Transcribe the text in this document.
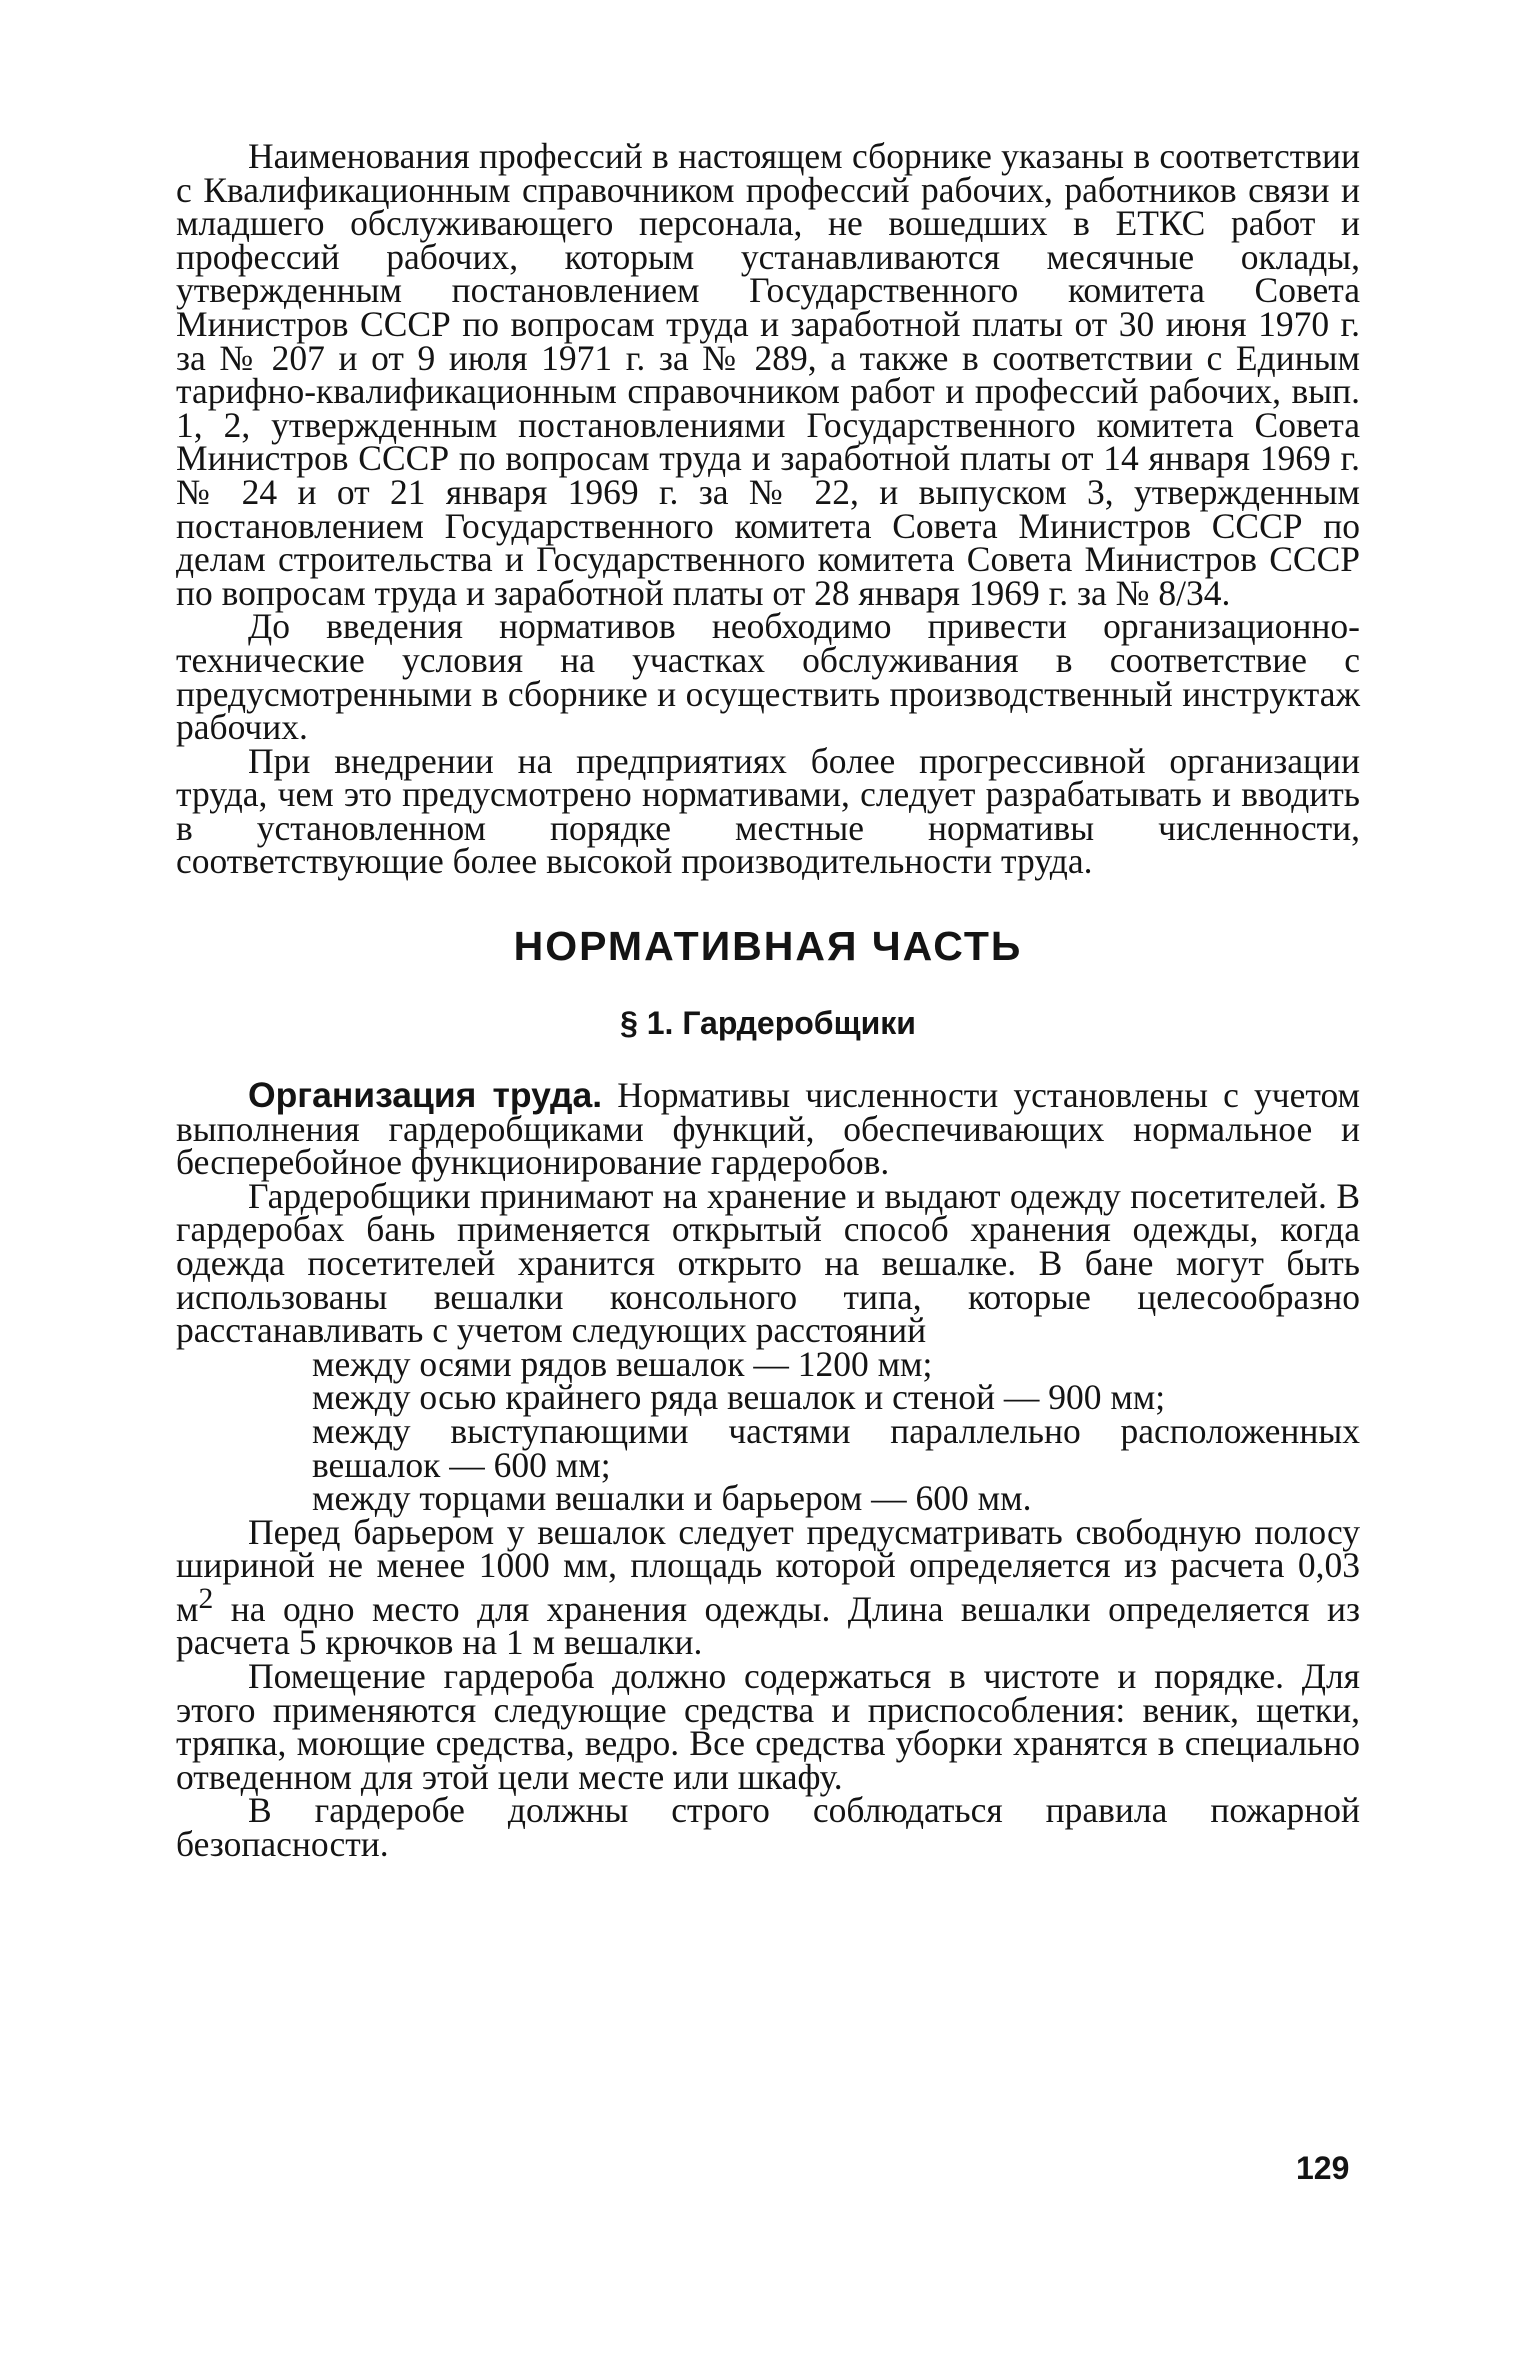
Наименования профессий в настоящем сборнике указаны в соответствии с Квалификационным справочником профессий рабочих, работников связи и младшего обслуживающего персонала, не вошедших в ЕТКС работ и профессий рабочих, которым устанавливаются месячные оклады, утвержденным постановлением Государственного комитета Совета Министров СССР по вопросам труда и заработной платы от 30 июня 1970 г. за № 207 и от 9 июля 1971 г. за № 289, а также в соответствии с Единым тарифно-квалификационным справочником работ и профессий рабочих, вып. 1, 2, утвержденным постановлениями Государственного комитета Совета Министров СССР по вопросам труда и заработной платы от 14 января 1969 г. № 24 и от 21 января 1969 г. за № 22, и выпуском 3, утвержденным постановлением Государственного комитета Совета Министров СССР по делам строительства и Государственного комитета Совета Министров СССР по вопросам труда и заработной платы от 28 января 1969 г. за № 8/34.

До введения нормативов необходимо привести организационно-технические условия на участках обслуживания в соответствие с предусмотренными в сборнике и осуществить производственный инструктаж рабочих.

При внедрении на предприятиях более прогрессивной организации труда, чем это предусмотрено нормативами, следует разрабатывать и вводить в установленном порядке местные нормативы численности, соответствующие более высокой производительности труда.

НОРМАТИВНАЯ ЧАСТЬ
§ 1. Гардеробщики

Организация труда. Нормативы численности установлены с учетом выполнения гардеробщиками функций, обеспечивающих нормальное и бесперебойное функционирование гардеробов.

Гардеробщики принимают на хранение и выдают одежду посетителей. В гардеробах бань применяется открытый способ хранения одежды, когда одежда посетителей хранится открыто на вешалке. В бане могут быть использованы вешалки консольного типа, которые целесообразно расстанавливать с учетом следующих расстояний

между осями рядов вешалок — 1200 мм;
между осью крайнего ряда вешалок и стеной — 900 мм;
между выступающими частями параллельно расположенных вешалок — 600 мм;
между торцами вешалки и барьером — 600 мм.

Перед барьером у вешалок следует предусматривать свободную полосу шириной не менее 1000 мм, площадь которой определяется из расчета 0,03 $м^2$ на одно место для хранения одежды. Длина вешалки определяется из расчета 5 крючков на 1 м вешалки.

Помещение гардероба должно содержаться в чистоте и порядке. Для этого применяются следующие средства и приспособления: веник, щетки, тряпка, моющие средства, ведро. Все средства уборки хранятся в специально отведенном для этой цели месте или шкафу.

В гардеробе должны строго соблюдаться правила пожарной безопасности.

129
